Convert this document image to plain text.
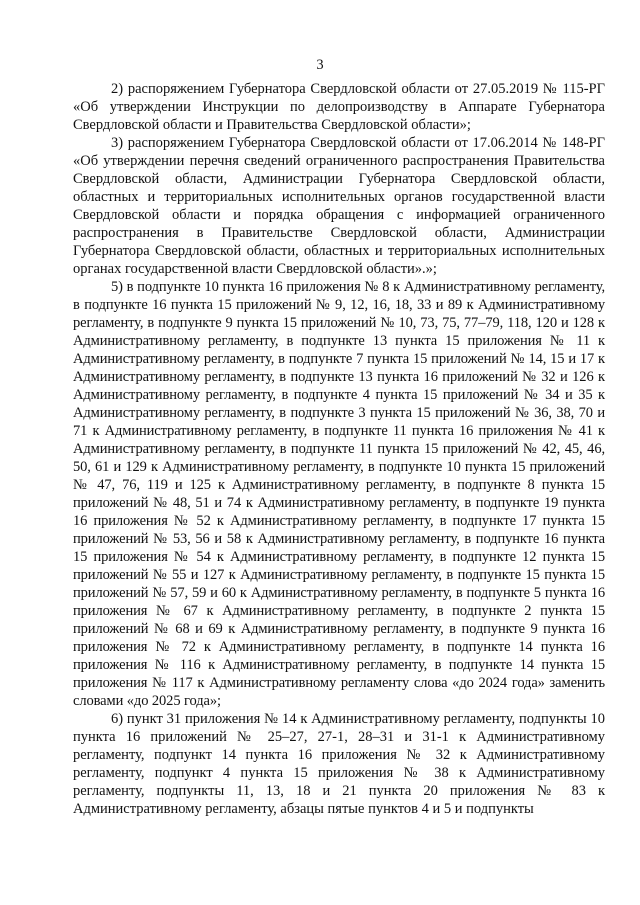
3

2) распоряжением Губернатора Свердловской области от 27.05.2019 № 115-РГ «Об утверждении Инструкции по делопроизводству в Аппарате Губернатора Свердловской области и Правительства Свердловской области»;

3) распоряжением Губернатора Свердловской области от 17.06.2014 № 148-РГ «Об утверждении перечня сведений ограниченного распространения Правительства Свердловской области, Администрации Губернатора Свердловской области, областных и территориальных исполнительных органов государственной власти Свердловской области и порядка обращения с информацией ограниченного распространения в Правительстве Свердловской области, Администрации Губернатора Свердловской области, областных и территориальных исполнительных органах государственной власти Свердловской области».»;

5) в подпункте 10 пункта 16 приложения № 8 к Административному регламенту, в подпункте 16 пункта 15 приложений № 9, 12, 16, 18, 33 и 89 к Административному регламенту, в подпункте 9 пункта 15 приложений № 10, 73, 75, 77–79, 118, 120 и 128 к Административному регламенту, в подпункте 13 пункта 15 приложения № 11 к Административному регламенту, в подпункте 7 пункта 15 приложений № 14, 15 и 17 к Административному регламенту, в подпункте 13 пункта 16 приложений № 32 и 126 к Административному регламенту, в подпункте 4 пункта 15 приложений № 34 и 35 к Административному регламенту, в подпункте 3 пункта 15 приложений № 36, 38, 70 и 71 к Административному регламенту, в подпункте 11 пункта 16 приложения № 41 к Административному регламенту, в подпункте 11 пункта 15 приложений № 42, 45, 46, 50, 61 и 129 к Административному регламенту, в подпункте 10 пункта 15 приложений № 47, 76, 119 и 125 к Административному регламенту, в подпункте 8 пункта 15 приложений № 48, 51 и 74 к Административному регламенту, в подпункте 19 пункта 16 приложения № 52 к Административному регламенту, в подпункте 17 пункта 15 приложений № 53, 56 и 58 к Административному регламенту, в подпункте 16 пункта 15 приложения № 54 к Административному регламенту, в подпункте 12 пункта 15 приложений № 55 и 127 к Административному регламенту, в подпункте 15 пункта 15 приложений № 57, 59 и 60 к Административному регламенту, в подпункте 5 пункта 16 приложения № 67 к Административному регламенту, в подпункте 2 пункта 15 приложений № 68 и 69 к Административному регламенту, в подпункте 9 пункта 16 приложения № 72 к Административному регламенту, в подпункте 14 пункта 16 приложения № 116 к Административному регламенту, в подпункте 14 пункта 15 приложения № 117 к Административному регламенту слова «до 2024 года» заменить словами «до 2025 года»;

6) пункт 31 приложения № 14 к Административному регламенту, подпункты 10 пункта 16 приложений № 25–27, 27-1, 28–31 и 31-1 к Административному регламенту, подпункт 14 пункта 16 приложения № 32 к Административному регламенту, подпункт 4 пункта 15 приложения № 38 к Административному регламенту, подпункты 11, 13, 18 и 21 пункта 20 приложения № 83 к Административному регламенту, абзацы пятые пунктов 4 и 5 и подпункты
